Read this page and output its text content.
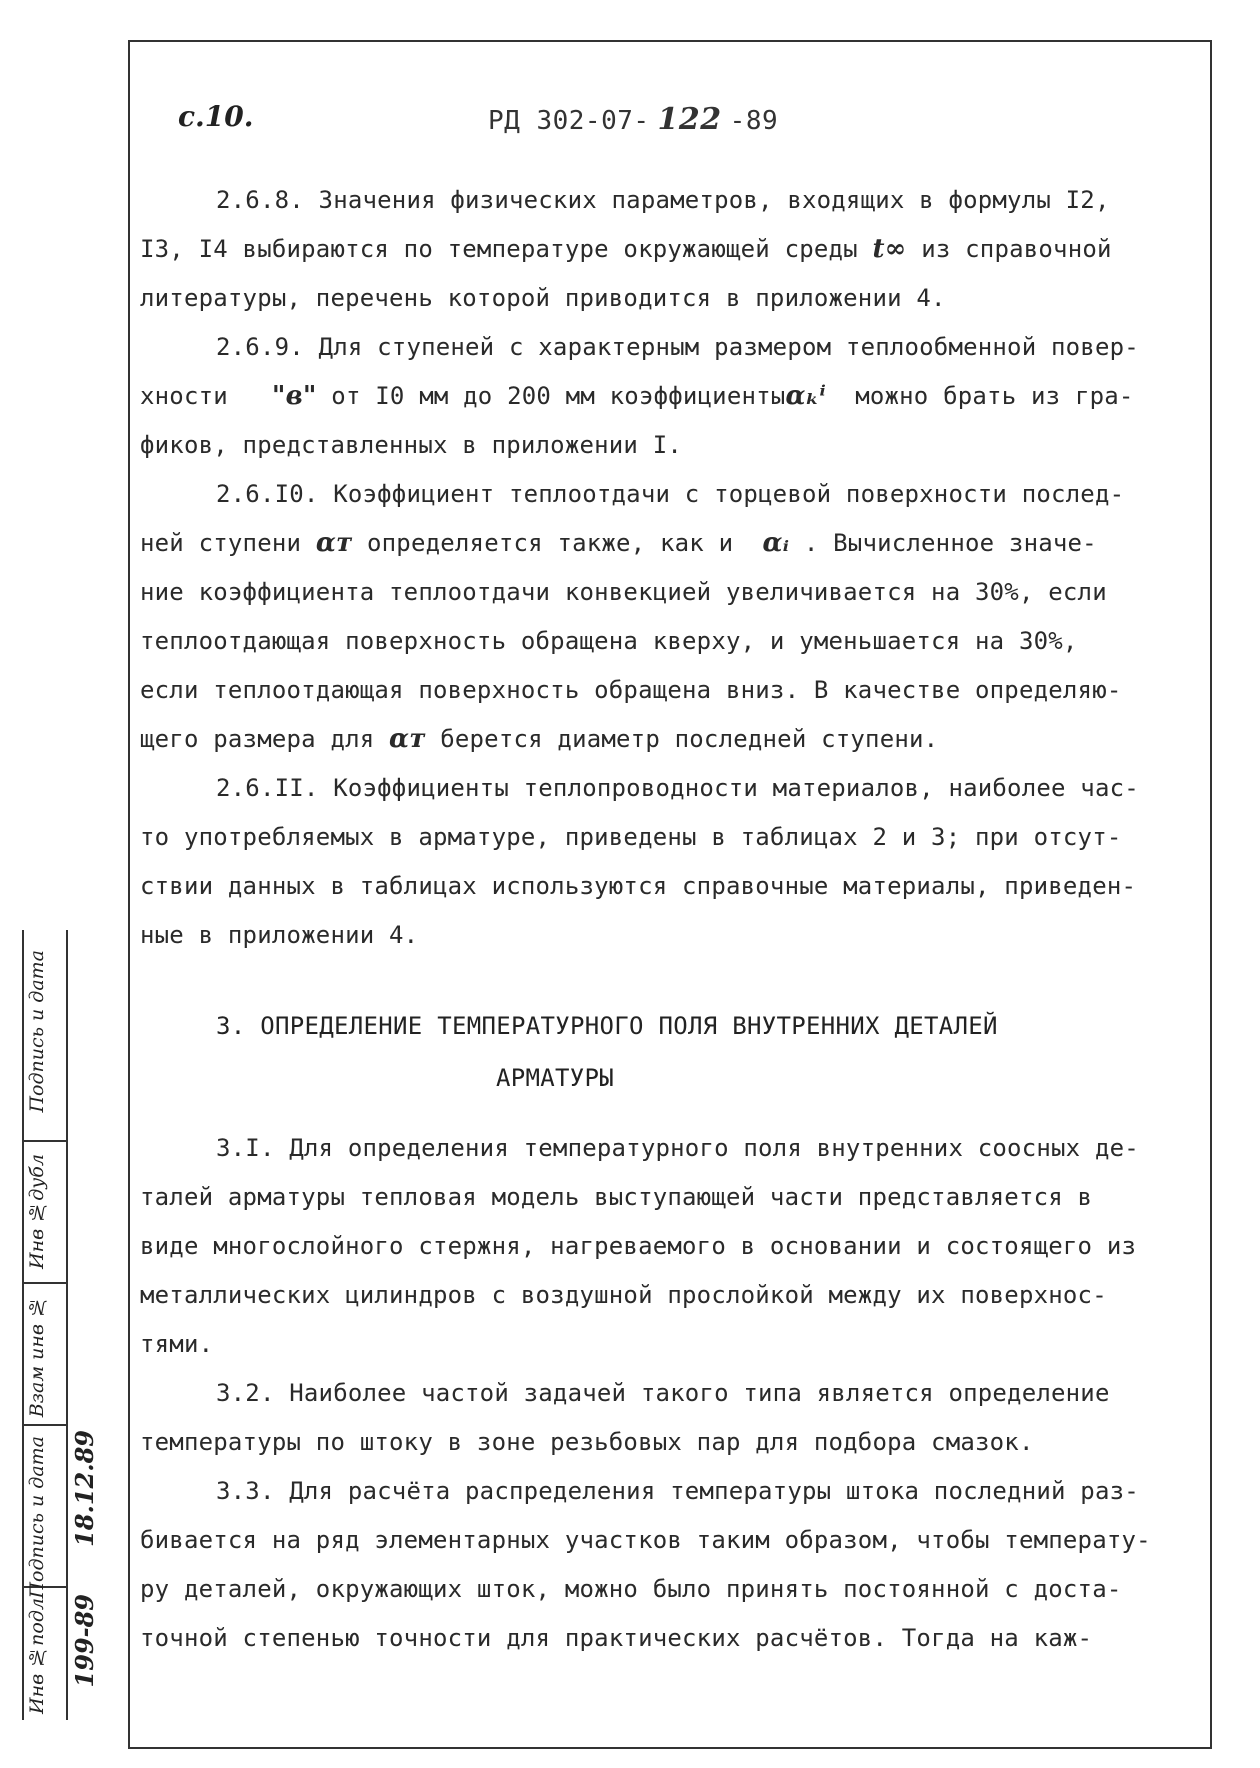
с.10.	РД 302-07- 122 -89
2.6.8. Значения физических параметров, входящих в формулы I2,
I3, I4 выбираются по температуре окружающей среды t∞ из справочной
литературы, перечень которой приводится в приложении 4.
2.6.9. Для ступеней с характерным размером теплообменной повер-
хности "в" от I0 мм до 200 мм коэффициентыαₖⁱ можно брать из гра-
фиков, представленных в приложении I.
2.6.I0. Коэффициент теплоотдачи с торцевой поверхности послед-
ней ступени αᴛ определяется также, как и αᵢ . Вычисленное значе-
ние коэффициента теплоотдачи конвекцией увеличивается на 30%, если
теплоотдающая поверхность обращена кверху, и уменьшается на 30%,
если теплоотдающая поверхность обращена вниз. В качестве определяю-
щего размера для αᴛ берется диаметр последней ступени.
2.6.II. Коэффициенты теплопроводности материалов, наиболее час-
то употребляемых в арматуре, приведены в таблицах 2 и 3; при отсут-
ствии данных в таблицах используются справочные материалы, приведен-
ные в приложении 4.
3. ОПРЕДЕЛЕНИЕ ТЕМПЕРАТУРНОГО ПОЛЯ ВНУТРЕННИХ ДЕТАЛЕЙ
АРМАТУРЫ
3.I. Для определения температурного поля внутренних соосных де-
талей арматуры тепловая модель выступающей части представляется в
виде многослойного стержня, нагреваемого в основании и состоящего из
металлических цилиндров с воздушной прослойкой между их поверхнос-
тями.
3.2. Наиболее частой задачей такого типа является определение
температуры по штоку в зоне резьбовых пар для подбора смазок.
3.3. Для расчёта распределения температуры штока последний раз-
бивается на ряд элементарных участков таким образом, чтобы температу-
ру деталей, окружающих шток, можно было принять постоянной с доста-
точной степенью точности для практических расчётов. Тогда на каж-
Подпись и дата
Инв №дубл
Взам инв №
Подпись и дата
Инв №подл
18.12.89
199-89
